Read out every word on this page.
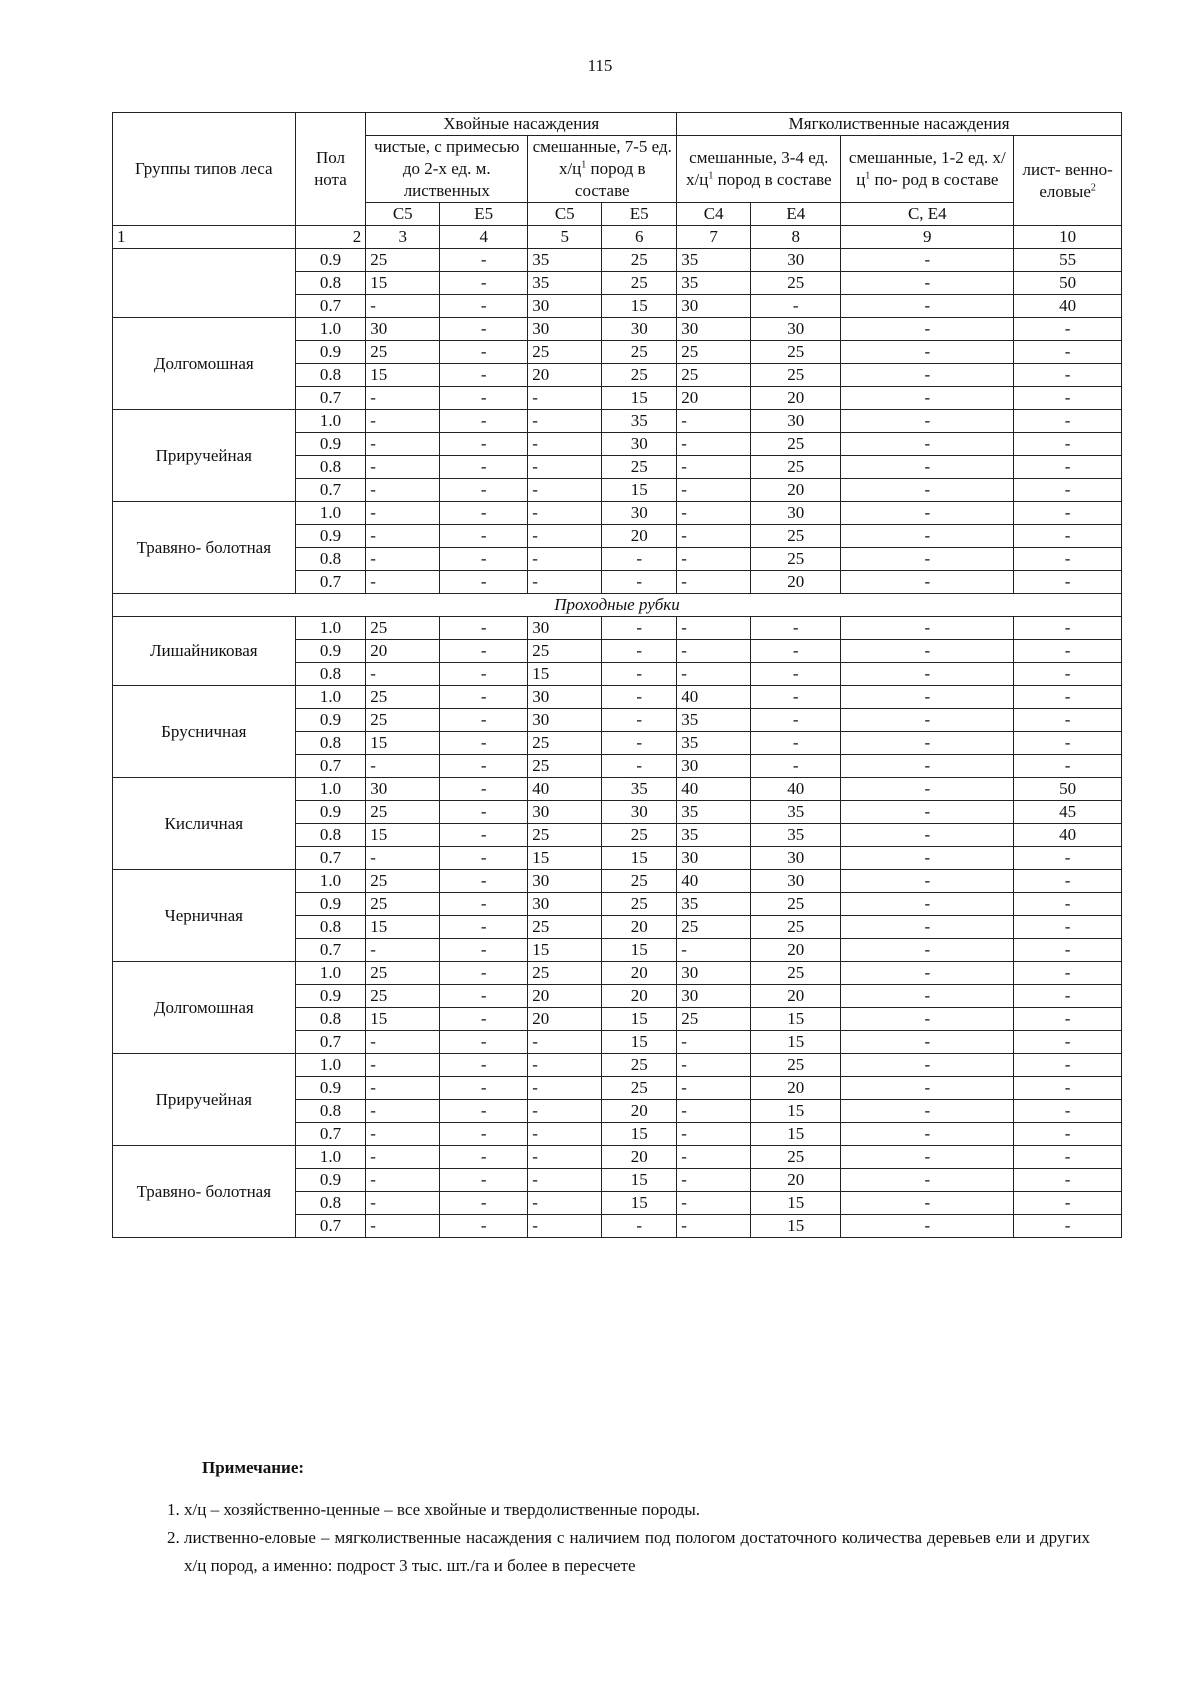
115
Группы типов леса	Пол нота	Хвойные насаждения				Мягколиственные насаждения			
		чистые, с примесью до 2-х ед. м. лиственных		смешанные, 7-5 ед. $х/ц^1$ пород в составе		смешанные, 3-4 ед. $х/ц^1$ пород в составе		смешанные, 1-2 ед. $х/ц^1$ по- род в составе	лист- венно- еловые$^2$
		С5	Е5	С5	Е5	С4	Е4	С, Е4	
1	2	3	4	5	6	7	8	9	10
	0.9	25	-	35	25	35	30	-	55
	0.8	15	-	35	25	35	25	-	50
	0.7	-	-	30	15	30	-	-	40
Долгомошная	1.0	30	-	30	30	30	30	-	-
	0.9	25	-	25	25	25	25	-	-
	0.8	15	-	20	25	25	25	-	-
	0.7	-	-	-	15	20	20	-	-
Приручейная	1.0	-	-	-	35	-	30	-	-
	0.9	-	-	-	30	-	25	-	-
	0.8	-	-	-	25	-	25	-	-
	0.7	-	-	-	15	-	20	-	-
Травяно- болотная	1.0	-	-	-	30	-	30	-	-
	0.9	-	-	-	20	-	25	-	-
	0.8	-	-	-	-	-	25	-	-
	0.7	-	-	-	-	-	20	-	-
Проходные рубки									
Лишайниковая	1.0	25	-	30	-	-	-	-	-
	0.9	20	-	25	-	-	-	-	-
	0.8	-	-	15	-	-	-	-	-
Брусничная	1.0	25	-	30	-	40	-	-	-
	0.9	25	-	30	-	35	-	-	-
	0.8	15	-	25	-	35	-	-	-
	0.7	-	-	25	-	30	-	-	-
Кисличная	1.0	30	-	40	35	40	40	-	50
	0.9	25	-	30	30	35	35	-	45
	0.8	15	-	25	25	35	35	-	40
	0.7	-	-	15	15	30	30	-	-
Черничная	1.0	25	-	30	25	40	30	-	-
	0.9	25	-	30	25	35	25	-	-
	0.8	15	-	25	20	25	25	-	-
	0.7	-	-	15	15	-	20	-	-
Долгомошная	1.0	25	-	25	20	30	25	-	-
	0.9	25	-	20	20	30	20	-	-
	0.8	15	-	20	15	25	15	-	-
	0.7	-	-	-	15	-	15	-	-
Приручейная	1.0	-	-	-	25	-	25	-	-
	0.9	-	-	-	25	-	20	-	-
	0.8	-	-	-	20	-	15	-	-
	0.7	-	-	-	15	-	15	-	-
Травяно- болотная	1.0	-	-	-	20	-	25	-	-
	0.9	-	-	-	15	-	20	-	-
	0.8	-	-	-	15	-	15	-	-
	0.7	-	-	-	-	-	15	-	-
Примечание:
1. х/ц – хозяйственно-ценные – все хвойные и твердолиственные породы.
2. лиственно-еловые – мягколиственные насаждения с наличием под пологом достаточного количества деревьев ели и других х/ц пород, а именно: подрост 3 тыс. шт./га и более в пересчете
